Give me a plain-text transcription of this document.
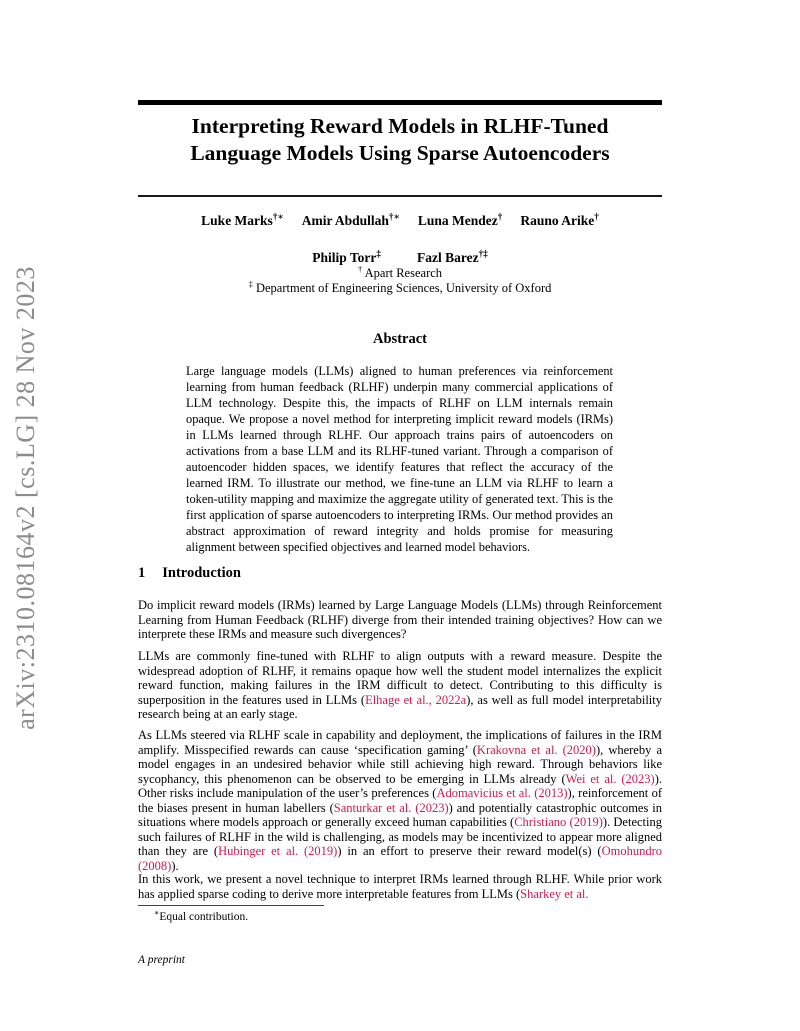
arXiv:2310.08164v2 [cs.LG] 28 Nov 2023
Interpreting Reward Models in RLHF-Tuned
Language Models Using Sparse Autoencoders
Luke Marks†∗ Amir Abdullah†∗ Luna Mendez† Rauno Arike†
Philip Torr‡	Fazl Barez†‡
† Apart Research
‡ Department of Engineering Sciences, University of Oxford
Abstract
Large language models (LLMs) aligned to human preferences via reinforcement learning from human feedback (RLHF) underpin many commercial applications of LLM technology. Despite this, the impacts of RLHF on LLM internals remain opaque. We propose a novel method for interpreting implicit reward models (IRMs) in LLMs learned through RLHF. Our approach trains pairs of autoencoders on activations from a base LLM and its RLHF-tuned variant. Through a comparison of autoencoder hidden spaces, we identify features that reflect the accuracy of the learned IRM. To illustrate our method, we fine-tune an LLM via RLHF to learn a token-utility mapping and maximize the aggregate utility of generated text. This is the first application of sparse autoencoders to interpreting IRMs. Our method provides an abstract approximation of reward integrity and holds promise for measuring alignment between specified objectives and learned model behaviors.
1 Introduction
Do implicit reward models (IRMs) learned by Large Language Models (LLMs) through Reinforcement Learning from Human Feedback (RLHF) diverge from their intended training objectives? How can we interprete these IRMs and measure such divergences?
LLMs are commonly fine-tuned with RLHF to align outputs with a reward measure. Despite the widespread adoption of RLHF, it remains opaque how well the student model internalizes the explicit reward function, making failures in the IRM difficult to detect. Contributing to this difficulty is superposition in the features used in LLMs (Elhage et al., 2022a), as well as full model interpretability research being at an early stage.
As LLMs steered via RLHF scale in capability and deployment, the implications of failures in the IRM amplify. Misspecified rewards can cause ‘specification gaming’ (Krakovna et al. (2020)), whereby a model engages in an undesired behavior while still achieving high reward. Through behaviors like sycophancy, this phenomenon can be observed to be emerging in LLMs already (Wei et al. (2023)). Other risks include manipulation of the user’s preferences (Adomavicius et al. (2013)), reinforcement of the biases present in human labellers (Santurkar et al. (2023)) and potentially catastrophic outcomes in situations where models approach or generally exceed human capabilities (Christiano (2019)). Detecting such failures of RLHF in the wild is challenging, as models may be incentivized to appear more aligned than they are (Hubinger et al. (2019)) in an effort to preserve their reward model(s) (Omohundro (2008)).
In this work, we present a novel technique to interpret IRMs learned through RLHF. While prior work has applied sparse coding to derive more interpretable features from LLMs (Sharkey et al.
∗Equal contribution.
A preprint
